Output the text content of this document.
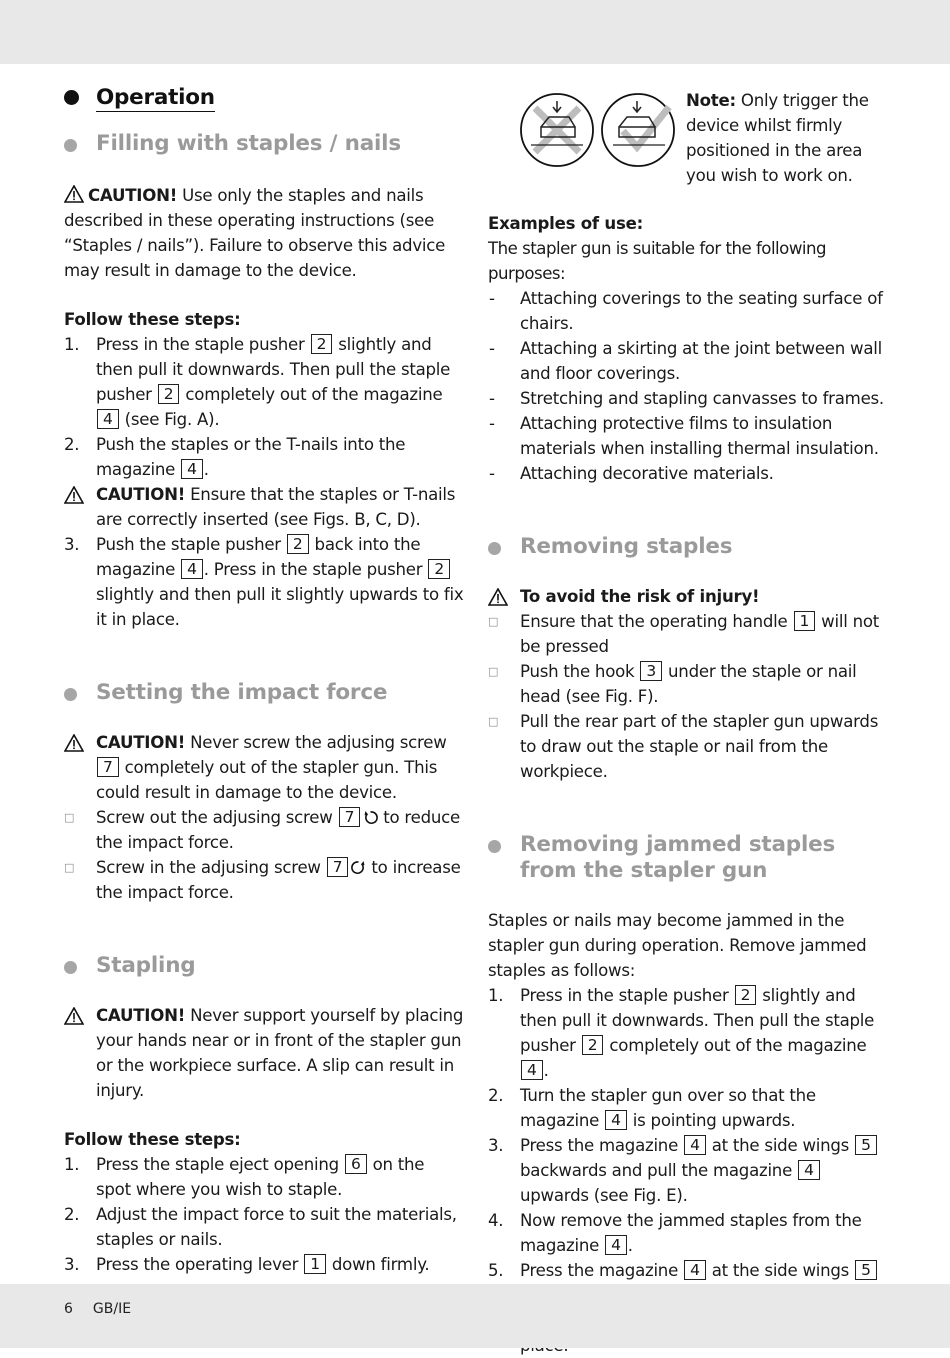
Operation
Filling with staples / nails

CAUTION! Use only the staples and nails described in these operating instructions (see “Staples / nails”). Failure to observe this advice may result in damage to the device.

Follow these steps:

1. Press in the staple pusher 2 slightly and then pull it downwards. Then pull the staple pusher 2 completely out of the magazine 4 (see Fig. A).

2. Push the staples or the T-nails into the magazine 4 .

CAUTION! Ensure that the staples or T-nails are correctly inserted (see Figs. B, C, D).

3. Push the staple pusher 2 back into the magazine 4 . Press in the staple pusher 2 slightly and then pull it slightly upwards to fix it in place.

Setting the impact force

CAUTION! Never screw the adjusing screw 7 completely out of the stapler gun. This could result in damage to the device.

□ Screw out the adjusing screw 7 to reduce the impact force.

□ Screw in the adjusing screw 7 to increase the impact force.

Stapling

CAUTION! Never support yourself by placing your hands near or in front of the stapler gun or the workpiece surface. A slip can result in injury.

Follow these steps:

1. Press the staple eject opening 6 on the spot where you wish to staple.

2. Adjust the impact force to suit the materials, staples or nails.

3. Press the operating lever 1 down firmly.

Note: Only trigger the device whilst firmly positioned in the area you wish to work on.

Examples of use:

The stapler gun is suitable for the following purposes:

- Attaching coverings to the seating surface of chairs.

- Attaching a skirting at the joint between wall and floor coverings.

- Stretching and stapling canvasses to frames.

- Attaching protective films to insulation materials when installing thermal insulation.

- Attaching decorative materials.

Removing staples

To avoid the risk of injury!

□ Ensure that the operating handle 1 will not be pressed

□ Push the hook 3 under the staple or nail head (see Fig. F).

□ Pull the rear part of the stapler gun upwards to draw out the staple or nail from the workpiece.

Removing jammed staples
from the stapler gun

Staples or nails may become jammed in the stapler gun during operation. Remove jammed staples as follows:

1. Press in the staple pusher 2 slightly and then pull it downwards. Then pull the staple pusher 2 completely out of the magazine 4 .

2. Turn the stapler gun over so that the magazine 4 is pointing upwards.

3. Press the magazine 4 at the side wings 5 backwards and pull the magazine 4 upwards (see Fig. E).

4. Now remove the jammed staples from the magazine 4 .

5. Press the magazine 4 at the side wings 5

6 GB/IE
